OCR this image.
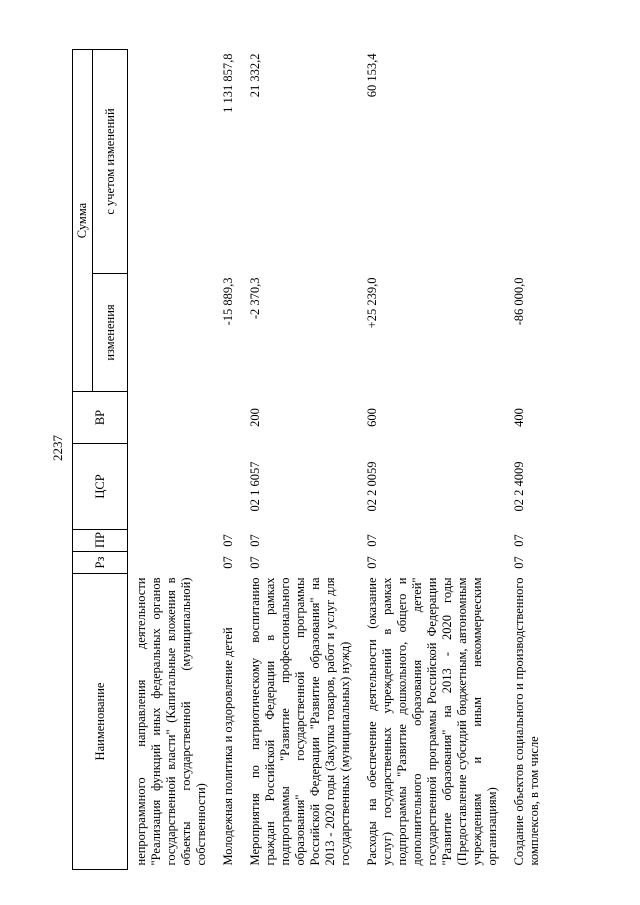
2237
Наименование	Рз	ПР	ЦСР	ВР	Сумма	
					изменения	с учетом изменений
непрограммного направления деятельности "Реализация функций иных федеральных органов государственной власти" (Капитальные вложения в объекты государственной (муниципальной) собственности)						
Молодежная политика и оздоровление детей	07	07			-15 889,3	1 131 857,8
Мероприятия по патриотическому воспитанию граждан Российской Федерации в рамках подпрограммы "Развитие профессионального образования" государственной программы Российской Федерации "Развитие образования" на 2013 - 2020 годы (Закупка товаров, работ и услуг для государственных (муниципальных) нужд)	07	07	02 1 6057	200	-2 370,3	21 332,2
Расходы на обеспечение деятельности (оказание услуг) государственных учреждений в рамках подпрограммы "Развитие дошкольного, общего и дополнительного образования детей" государственной программы Российской Федерации "Развитие образования" на 2013 - 2020 годы (Предоставление субсидий бюджетным, автономным учреждениям и иным некоммерческим организациям)	07	07	02 2 0059	600	+25 239,0	60 153,4
Создание объектов социального и производственного комплексов, в том числе	07	07	02 2 4009	400	-86 000,0	
